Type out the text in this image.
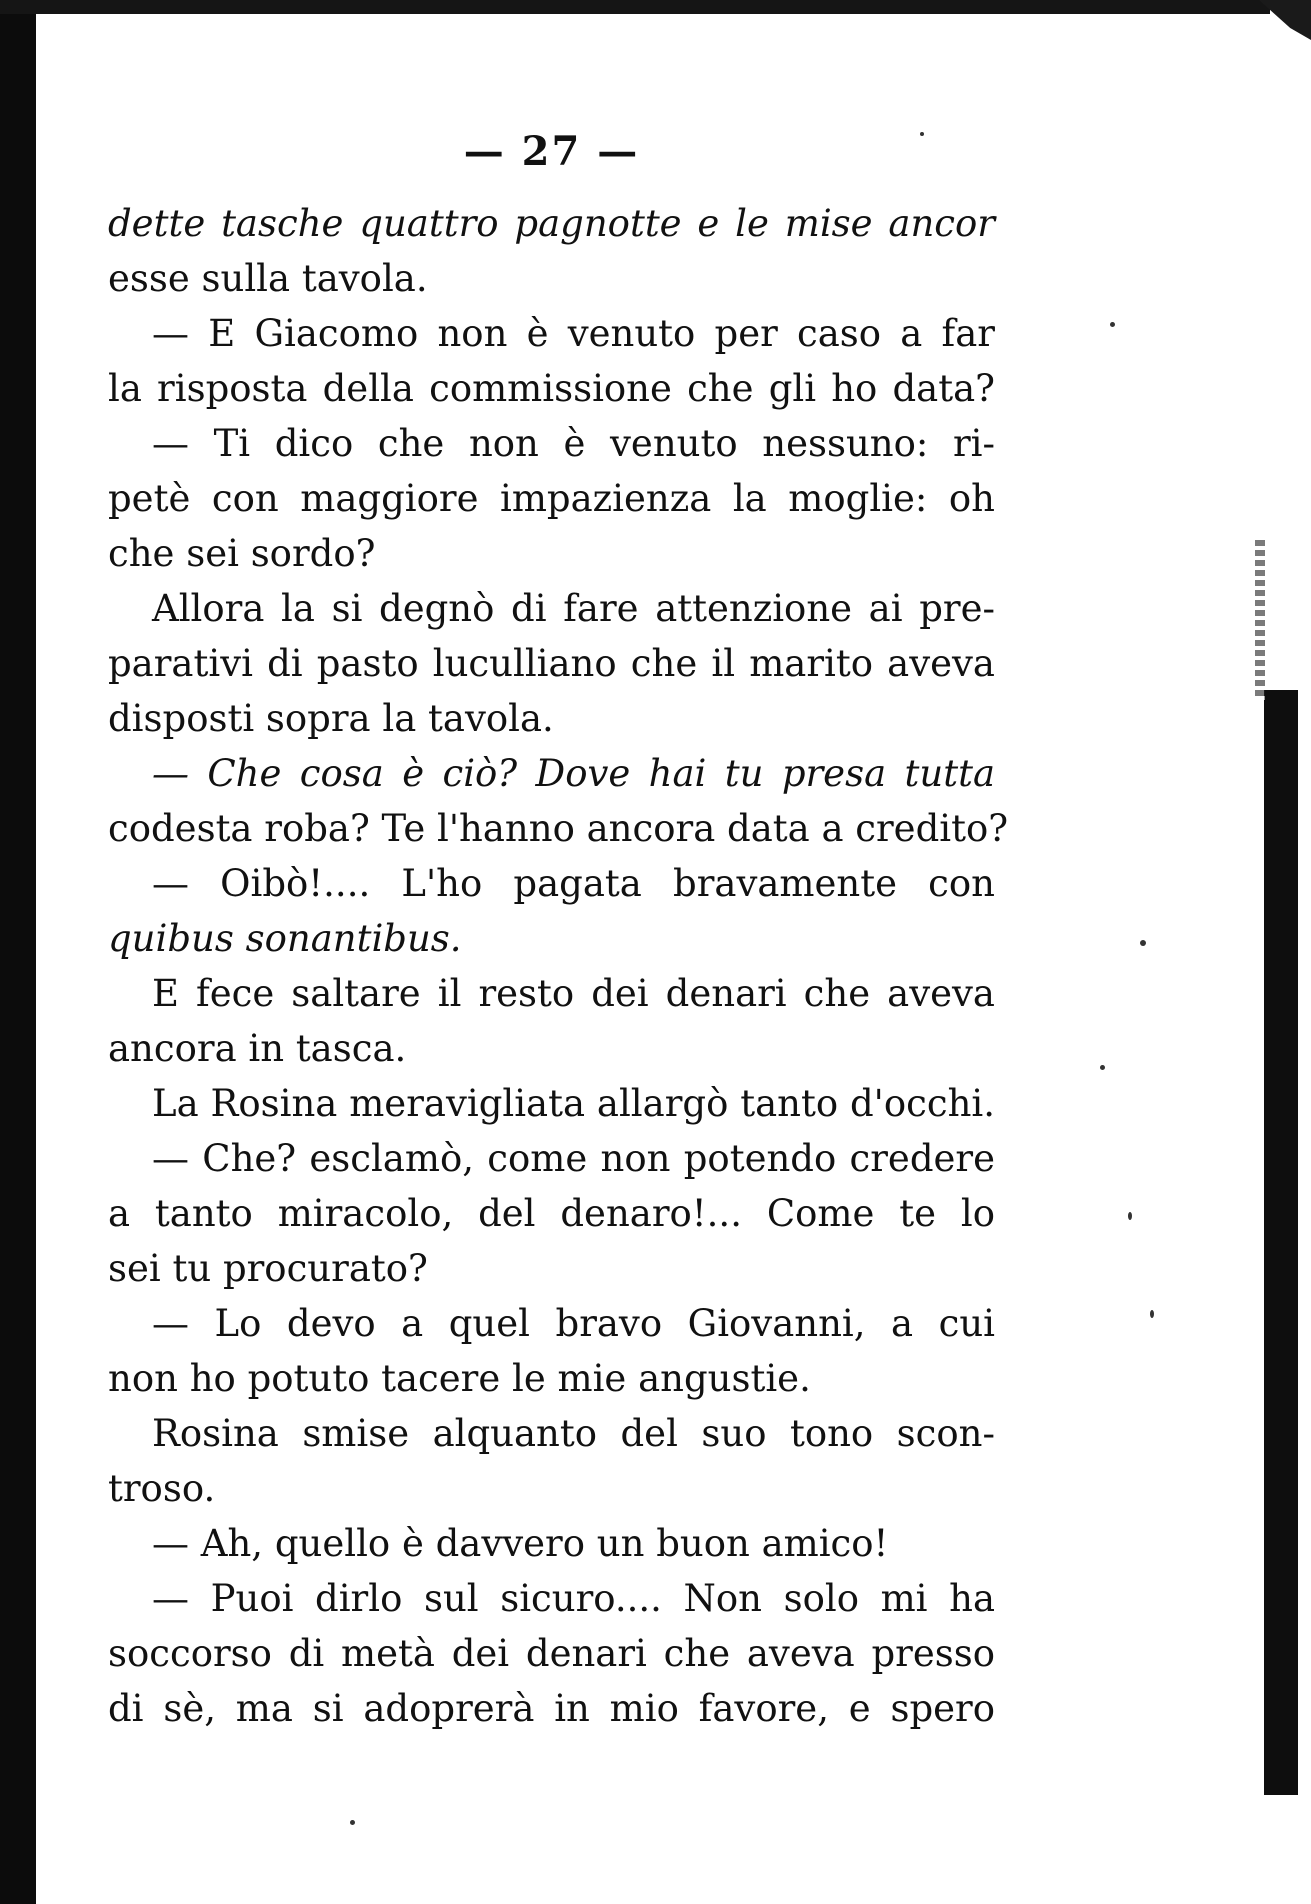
— 27 —
dette tasche quattro pagnotte e le mise ancor
esse sulla tavola.
— E Giacomo non è venuto per caso a far
la risposta della commissione che gli ho data?
— Ti dico che non è venuto nessuno: ri-
petè con maggiore impazienza la moglie: oh
che sei sordo?
Allora la si degnò di fare attenzione ai pre-
parativi di pasto luculliano che il marito aveva
disposti sopra la tavola.
— Che cosa è ciò? Dove hai tu presa tutta
codesta roba? Te l'hanno ancora data a credito?
— Oibò!.... L'ho pagata bravamente con
quibus sonantibus.
E fece saltare il resto dei denari che aveva
ancora in tasca.
La Rosina meravigliata allargò tanto d'occhi.
— Che? esclamò, come non potendo credere
a tanto miracolo, del denaro!... Come te lo
sei tu procurato?
— Lo devo a quel bravo Giovanni, a cui
non ho potuto tacere le mie angustie.
Rosina smise alquanto del suo tono scon-
troso.
— Ah, quello è davvero un buon amico!
— Puoi dirlo sul sicuro.... Non solo mi ha
soccorso di metà dei denari che aveva presso
di sè, ma si adoprerà in mio favore, e spero
